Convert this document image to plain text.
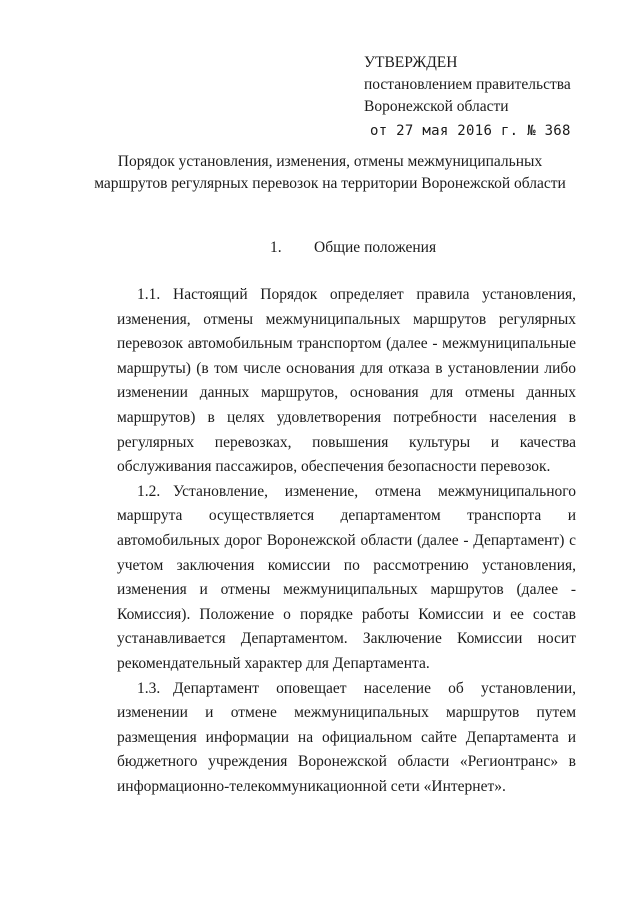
УТВЕРЖДЕН
постановлением правительства
Воронежской области
от 27 мая 2016 г. № 368
Порядок установления, изменения, отмены межмуниципальных маршрутов регулярных перевозок на территории Воронежской области
1. Общие положения

1.1. Настоящий Порядок определяет правила установления, изменения, отмены межмуниципальных маршрутов регулярных перевозок автомобильным транспортом (далее - межмуниципальные маршруты) (в том числе основания для отказа в установлении либо изменении данных маршрутов, основания для отмены данных маршрутов) в целях удовлетворения потребности населения в регулярных перевозках, повышения культуры и качества обслуживания пассажиров, обеспечения безопасности перевозок.

1.2. Установление, изменение, отмена межмуниципального маршрута осуществляется департаментом транспорта и автомобильных дорог Воронежской области (далее - Департамент) с учетом заключения комиссии по рассмотрению установления, изменения и отмены межмуниципальных маршрутов (далее - Комиссия). Положение о порядке работы Комиссии и ее состав устанавливается Департаментом. Заключение Комиссии носит рекомендательный характер для Департамента.

1.3. Департамент оповещает население об установлении, изменении и отмене межмуниципальных маршрутов путем размещения информации на официальном сайте Департамента и бюджетного учреждения Воронежской области «Регионтранс» в информационно-телекоммуникационной сети «Интернет».
